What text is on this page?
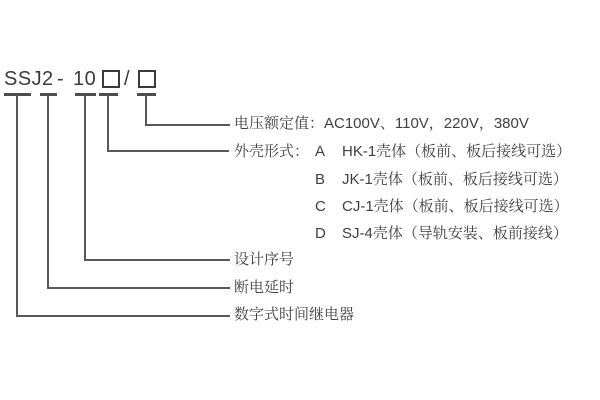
SSJ 2 - 10 /
电压额定值：AC100V、110V，220V，380V
外壳形式： A HK-1壳体（板前、板后接线可选）
B JK-1壳体（板前、板后接线可选）
C CJ-1壳体（板前、板后接线可选）
D SJ-4壳体（导轨安装、板前接线）
设计序号
断电延时
数字式时间继电器
